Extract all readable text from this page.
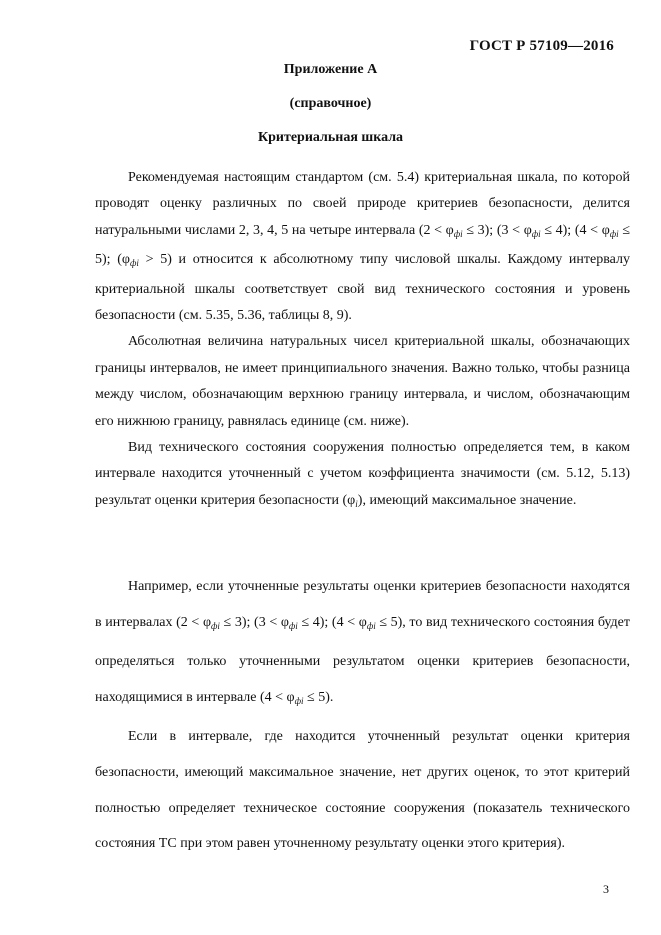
ГОСТ Р 57109—2016
Приложение А
(справочное)
Критериальная шкала

Рекомендуемая настоящим стандартом (см. 5.4) критериальная шкала, по которой проводят оценку различных по своей природе критериев безопасности, делится натуральными числами 2, 3, 4, 5 на четыре интервала $(2 < \varphi_{фi} \le 3)$; $(3 < \varphi_{фi} \le 4)$; $(4 < \varphi_{фi} \le 5)$; $(\varphi_{фi} > 5)$ и относится к абсолютному типу числовой шкалы. Каждому интервалу критериальной шкалы соответствует свой вид технического состояния и уровень безопасности (см. 5.35, 5.36, таблицы 8, 9).

Абсолютная величина натуральных чисел критериальной шкалы, обозначающих границы интервалов, не имеет принципиального значения. Важно только, чтобы разница между числом, обозначающим верхнюю границу интервала, и числом, обозначающим его нижнюю границу, равнялась единице (см. ниже).

Вид технического состояния сооружения полностью определяется тем, в каком интервале находится уточненный с учетом коэффициента значимости (см. 5.12, 5.13) результат оценки критерия безопасности $(\varphi_i)$, имеющий максимальное значение.

Например, если уточненные результаты оценки критериев безопасности находятся в интервалах $(2 < \varphi_{фi} \le 3)$; $(3 < \varphi_{фi} \le 4)$; $(4 < \varphi_{фi} \le 5)$, то вид технического состояния будет определяться только уточненными результатом оценки критериев безопасности, находящимися в интервале $(4 < \varphi_{фi} \le 5)$.

Если в интервале, где находится уточненный результат оценки критерия безопасности, имеющий максимальное значение, нет других оценок, то этот критерий полностью определяет техническое состояние сооружения (показатель технического состояния ТС при этом равен уточненному результату оценки этого критерия).

3
